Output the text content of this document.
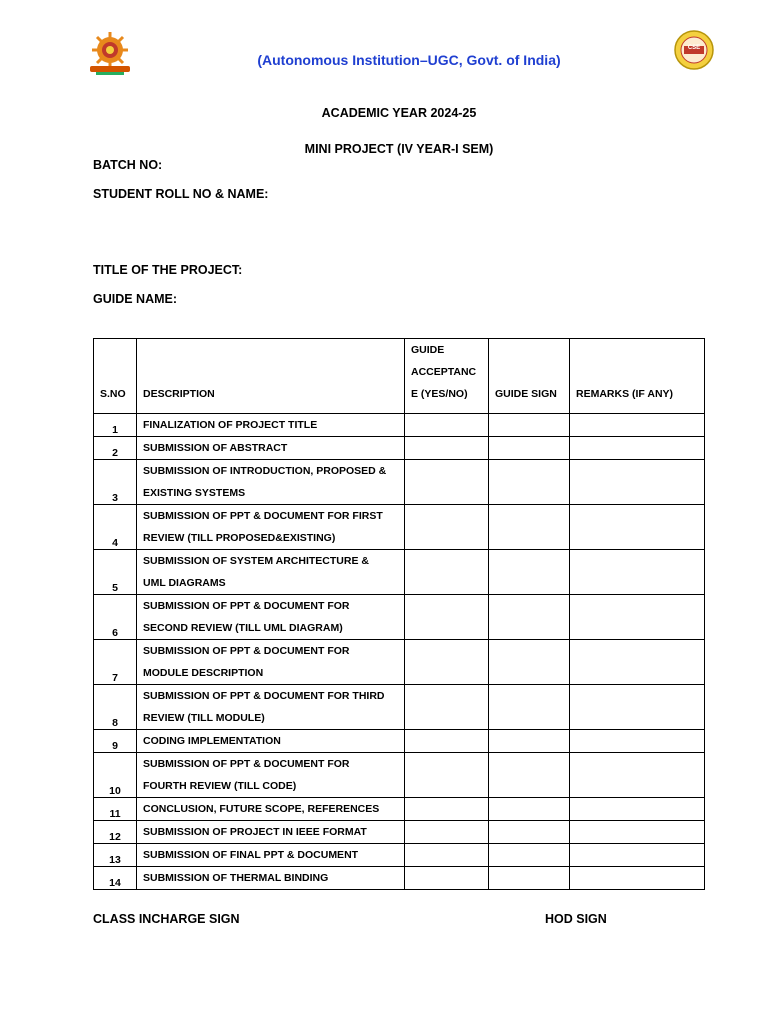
(Autonomous Institution–UGC, Govt. of India)
CSE
ACADEMIC YEAR 2024-25
MINI PROJECT (IV YEAR-I SEM)
BATCH NO:
STUDENT ROLL NO & NAME:
TITLE OF THE PROJECT:
GUIDE NAME:
S.NO	DESCRIPTION	GUIDE
ACCEPTANC
E (YES/NO)	GUIDE SIGN	REMARKS (IF ANY)
1	FINALIZATION OF PROJECT TITLE			

2	SUBMISSION OF ABSTRACT			

3	SUBMISSION OF INTRODUCTION, PROPOSED &
EXISTING SYSTEMS			

4	SUBMISSION OF PPT & DOCUMENT FOR FIRST
REVIEW (TILL PROPOSED&EXISTING)			

5	SUBMISSION OF SYSTEM ARCHITECTURE &
UML DIAGRAMS			

6	SUBMISSION OF PPT & DOCUMENT FOR
SECOND REVIEW (TILL UML DIAGRAM)			

7	SUBMISSION OF PPT & DOCUMENT FOR
MODULE DESCRIPTION			

8	SUBMISSION OF PPT & DOCUMENT FOR THIRD
REVIEW (TILL MODULE)			

9	CODING IMPLEMENTATION			

10	SUBMISSION OF PPT & DOCUMENT FOR
FOURTH REVIEW (TILL CODE)			

11	CONCLUSION, FUTURE SCOPE, REFERENCES			

12	SUBMISSION OF PROJECT IN IEEE FORMAT			

13	SUBMISSION OF FINAL PPT & DOCUMENT			

14	SUBMISSION OF THERMAL BINDING			

CLASS INCHARGE SIGN	HOD SIGN
